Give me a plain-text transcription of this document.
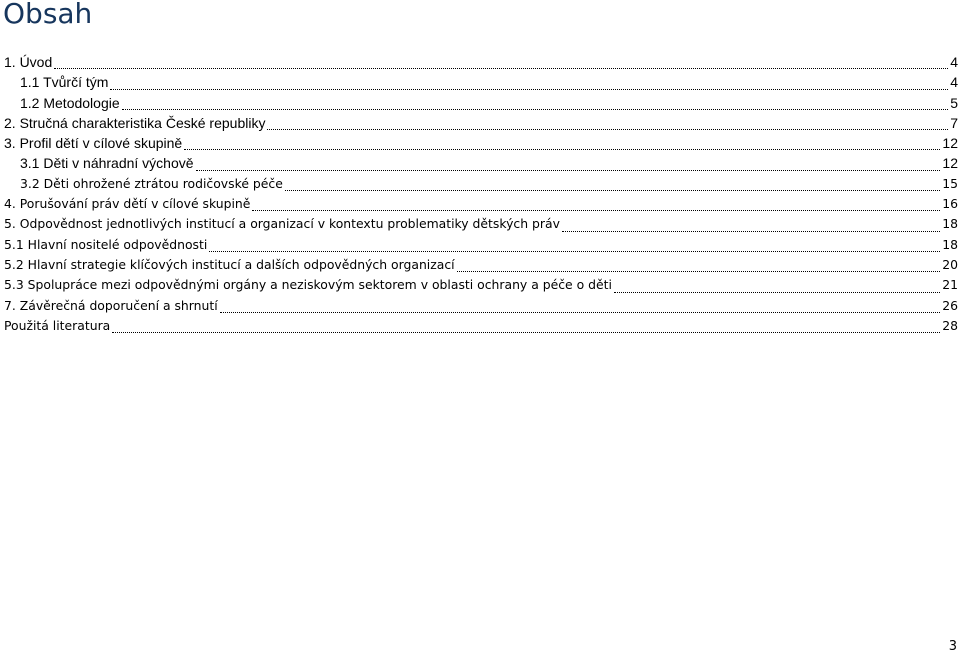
Obsah
1. Úvod	4
1.1 Tvůrčí tým	4
1.2 Metodologie	5
2. Stručná charakteristika České republiky	7
3. Profil dětí v cílové skupině	12
3.1 Děti v náhradní výchově	12
3.2 Děti ohrožené ztrátou rodičovské péče	15
4. Porušování práv dětí v cílové skupině	16
5. Odpovědnost jednotlivých institucí a organizací v kontextu problematiky dětských práv	18
5.1 Hlavní nositelé odpovědnosti	18
5.2 Hlavní strategie klíčových institucí a dalších odpovědných organizací	20
5.3 Spolupráce mezi odpovědnými orgány a neziskovým sektorem v oblasti ochrany a péče o děti	21
7. Závěrečná doporučení a shrnutí	26
Použitá literatura	28
3
